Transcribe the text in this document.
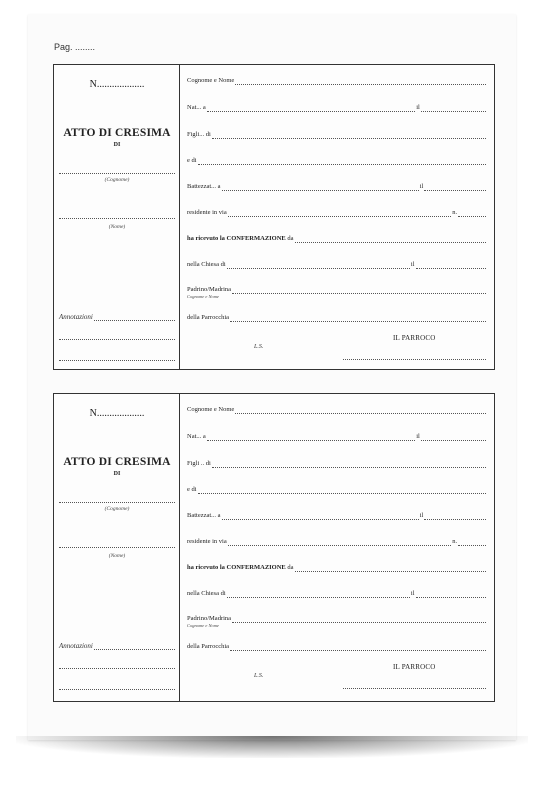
Pag. ........
N...................
ATTO DI CRESIMA
DI
(Cognome)
(Nome)
Annotazioni
Cognome e Nome
Nat... a	il
Figli... di
e di
Battezzat... a	il
residente in via	n.
ha ricevuto la
CONFERMAZIONE
da
nella Chiesa di	il
Padrino/Madrina
Cognome e Nome
della Parrocchia
IL PARROCO
L.S.
N...................
ATTO DI CRESIMA
DI
(Cognome)
(Nome)
Annotazioni
Cognome e Nome
Nat... a	il
Figli .. di
e di
Battezzat... a	il
residente in via	n.
ha ricevuto la
CONFERMAZIONE
da
nella Chiesa di	il
Padrino/Madrina
Cognome e Nome
della Parrocchia
IL PARROCO
L.S.
